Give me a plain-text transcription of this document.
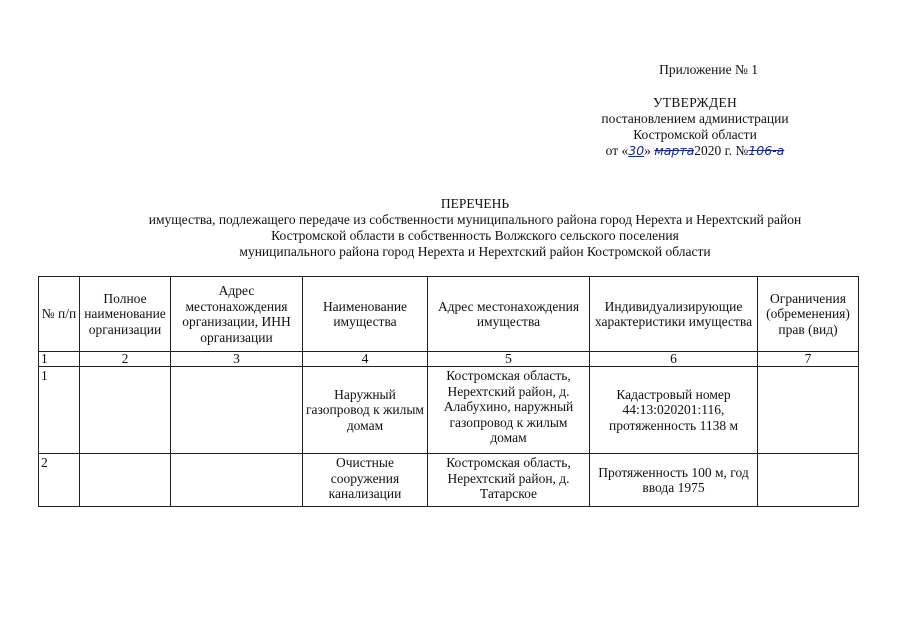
Приложение № 1
УТВЕРЖДЕН
постановлением администрации
Костромской области
от «30» марта2020 г. №106-а
ПЕРЕЧЕНЬ
имущества, подлежащего передаче из собственности муниципального района город Нерехта и Нерехтский район
Костромской области в собственность Волжского сельского поселения
муниципального района город Нерехта и Нерехтский район Костромской области
№ п/п	Полное наименование организации	Адрес местонахождения организации, ИНН организации	Наименование имущества	Адрес местонахождения имущества	Индивидуализирующие характеристики имущества	Ограничения (обременения) прав (вид)
1	2	3	4	5	6	7
1			Наружный газопровод к жилым домам	Костромская область, Нерехтский район, д. Алабухино, наружный газопровод к жилым домам	Кадастровый номер 44:13:020201:116, протяженность 1138 м	
2			Очистные сооружения канализации	Костромская область, Нерехтский район, д. Татарское	Протяженность 100 м, год ввода 1975	
